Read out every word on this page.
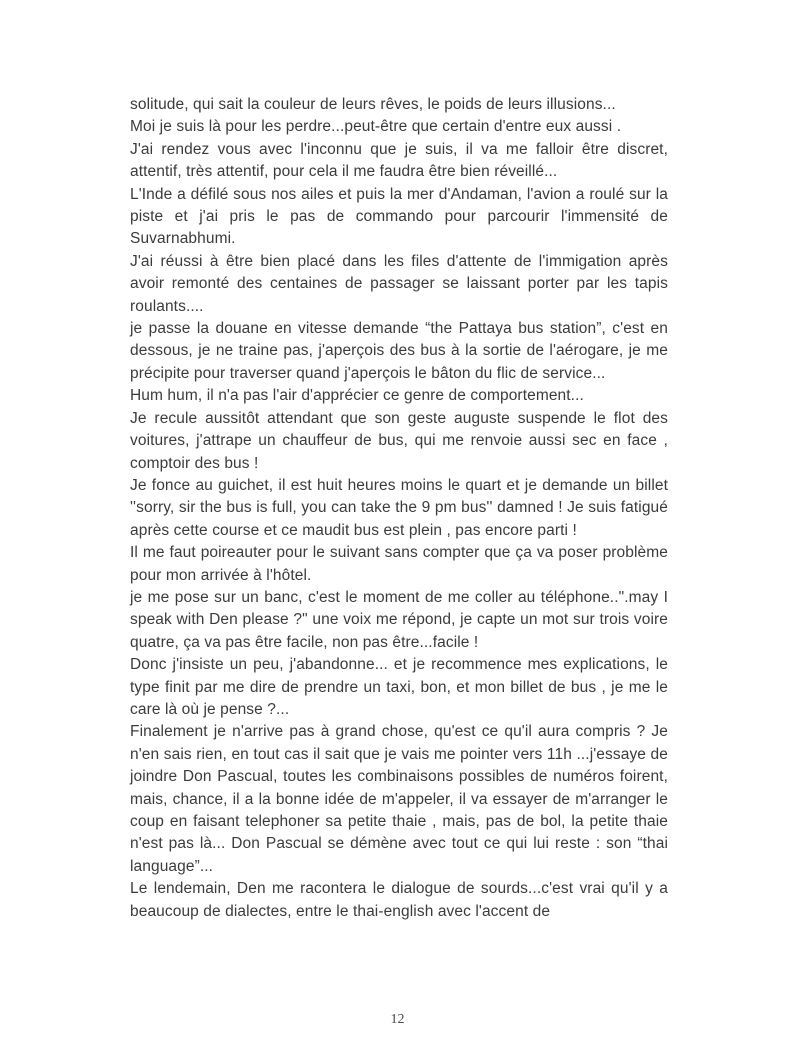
solitude, qui sait la couleur de leurs rêves, le poids de leurs illusions...

Moi je suis là pour les perdre...peut-être que certain d'entre eux aussi .

J'ai rendez vous avec l'inconnu que je suis, il va me falloir être discret, attentif, très attentif, pour cela il me faudra être bien réveillé...

L'Inde a défilé sous nos ailes et puis la mer d'Andaman, l'avion a roulé sur la piste et j'ai pris le pas de commando pour parcourir l'immensité de Suvarnabhumi.

J'ai réussi à être bien placé dans les files d'attente de l'immigation après avoir remonté des centaines de passager se laissant porter par les tapis roulants....

je passe la douane en vitesse demande “the Pattaya bus station”, c'est en dessous, je ne traine pas, j'aperçois des bus à la sortie de l'aérogare, je me précipite pour traverser quand j'aperçois le bâton du flic de service...

Hum hum, il n'a pas l'air d'apprécier ce genre de comportement...

Je recule aussitôt attendant que son geste auguste suspende le flot des voitures, j'attrape un chauffeur de bus, qui me renvoie aussi sec en face , comptoir des bus !

Je fonce au guichet, il est huit heures moins le quart et je demande un billet ''sorry, sir the bus is full, you can take the 9 pm bus'' damned ! Je suis fatigué après cette course et ce maudit bus est plein , pas encore parti !

Il me faut poireauter pour le suivant sans compter que ça va poser problème pour mon arrivée à l'hôtel.

je me pose sur un banc, c'est le moment de me coller au téléphone..".may I speak with Den please ?" une voix me répond, je capte un mot sur trois voire quatre, ça va pas être facile, non pas être...facile !

Donc j'insiste un peu, j'abandonne... et je recommence mes explications, le type finit par me dire de prendre un taxi, bon, et mon billet de bus , je me le care là où je pense ?...

Finalement je n'arrive pas à grand chose, qu'est ce qu'il aura compris ? Je n'en sais rien, en tout cas il sait que je vais me pointer vers 11h ...j'essaye de joindre Don Pascual, toutes les combinaisons possibles de numéros foirent, mais, chance, il a la bonne idée de m'appeler, il va essayer de m'arranger le coup en faisant telephoner sa petite thaie , mais, pas de bol, la petite thaie n'est pas là... Don Pascual se démène avec tout ce qui lui reste : son “thai language”...

Le lendemain, Den me racontera le dialogue de sourds...c'est vrai qu'il y a beaucoup de dialectes, entre le thai-english avec l'accent de

12
